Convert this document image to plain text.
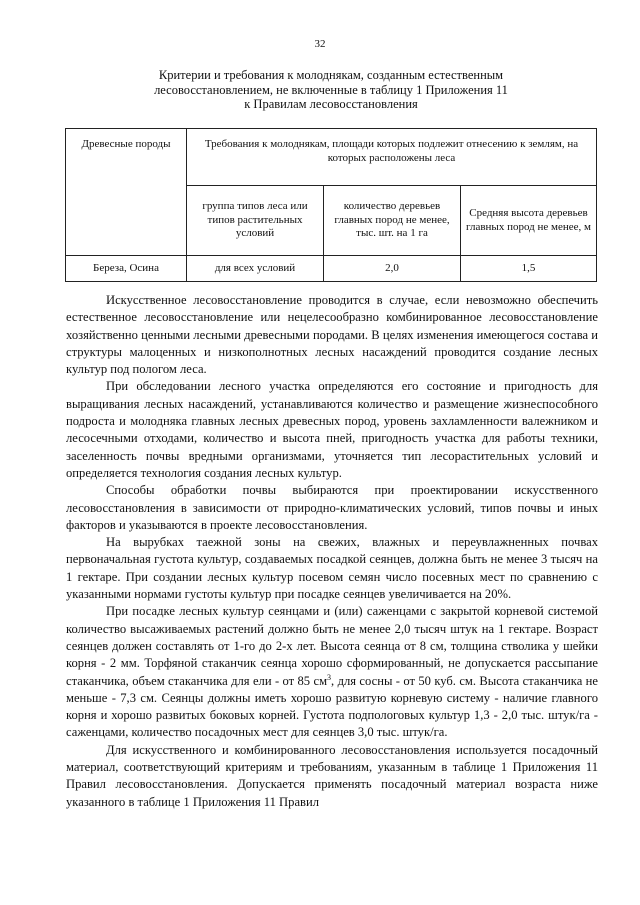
32
Критерии и требования к молоднякам, созданным естественным
лесовосстановлением, не включенные в таблицу 1 Приложения 11
к Правилам лесовосстановления
Древесные породы	Требования к молоднякам, площади которых подлежит отнесению к землям, на которых расположены леса		
	группа типов леса или типов растительных условий	количество деревьев главных пород не менее, тыс. шт. на 1 га	Средняя высота деревьев главных пород не менее, м
Береза, Осина	для всех условий	2,0	1,5

Искусственное лесовосстановление проводится в случае, если невозможно обеспечить естественное лесовосстановление или нецелесообразно комбинированное лесовосстановление хозяйственно ценными лесными древесными породами. В целях изменения имеющегося состава и структуры малоценных и низкополнотных лесных насаждений проводится создание лесных культур под пологом леса.

При обследовании лесного участка определяются его состояние и пригодность для выращивания лесных насаждений, устанавливаются количество и размещение жизнеспособного подроста и молодняка главных лесных древесных пород, уровень захламленности валежником и лесосечными отходами, количество и высота пней, пригодность участка для работы техники, заселенность почвы вредными организмами, уточняется тип лесорастительных условий и определяется технология создания лесных культур.

Способы обработки почвы выбираются при проектировании искусственного лесовосстановления в зависимости от природно-климатических условий, типов почвы и иных факторов и указываются в проекте лесовосстановления.

На вырубках таежной зоны на свежих, влажных и переувлажненных почвах первоначальная густота культур, создаваемых посадкой сеянцев, должна быть не менее 3 тысяч на 1 гектаре. При создании лесных культур посевом семян число посевных мест по сравнению с указанными нормами густоты культур при посадке сеянцев увеличивается на 20%.

При посадке лесных культур сеянцами и (или) саженцами с закрытой корневой системой количество высаживаемых растений должно быть не менее 2,0 тысяч штук на 1 гектаре. Возраст сеянцев должен составлять от 1-го до 2-х лет. Высота сеянца от 8 см, толщина стволика у шейки корня - 2 мм. Торфяной стаканчик сеянца хорошо сформированный, не допускается рассыпание стаканчика, объем стаканчика для ели - от 85 $см^3$, для сосны - от 50 куб. см. Высота стаканчика не меньше - 7,3 см. Сеянцы должны иметь хорошо развитую корневую систему - наличие главного корня и хорошо развитых боковых корней. Густота подпологовых культур 1,3 - 2,0 тыс. штук/га - саженцами, количество посадочных мест для сеянцев 3,0 тыс. штук/га.

Для искусственного и комбинированного лесовосстановления используется посадочный материал, соответствующий критериям и требованиям, указанным в таблице 1 Приложения 11 Правил лесовосстановления. Допускается применять посадочный материал возраста ниже указанного в таблице 1 Приложения 11 Правил
